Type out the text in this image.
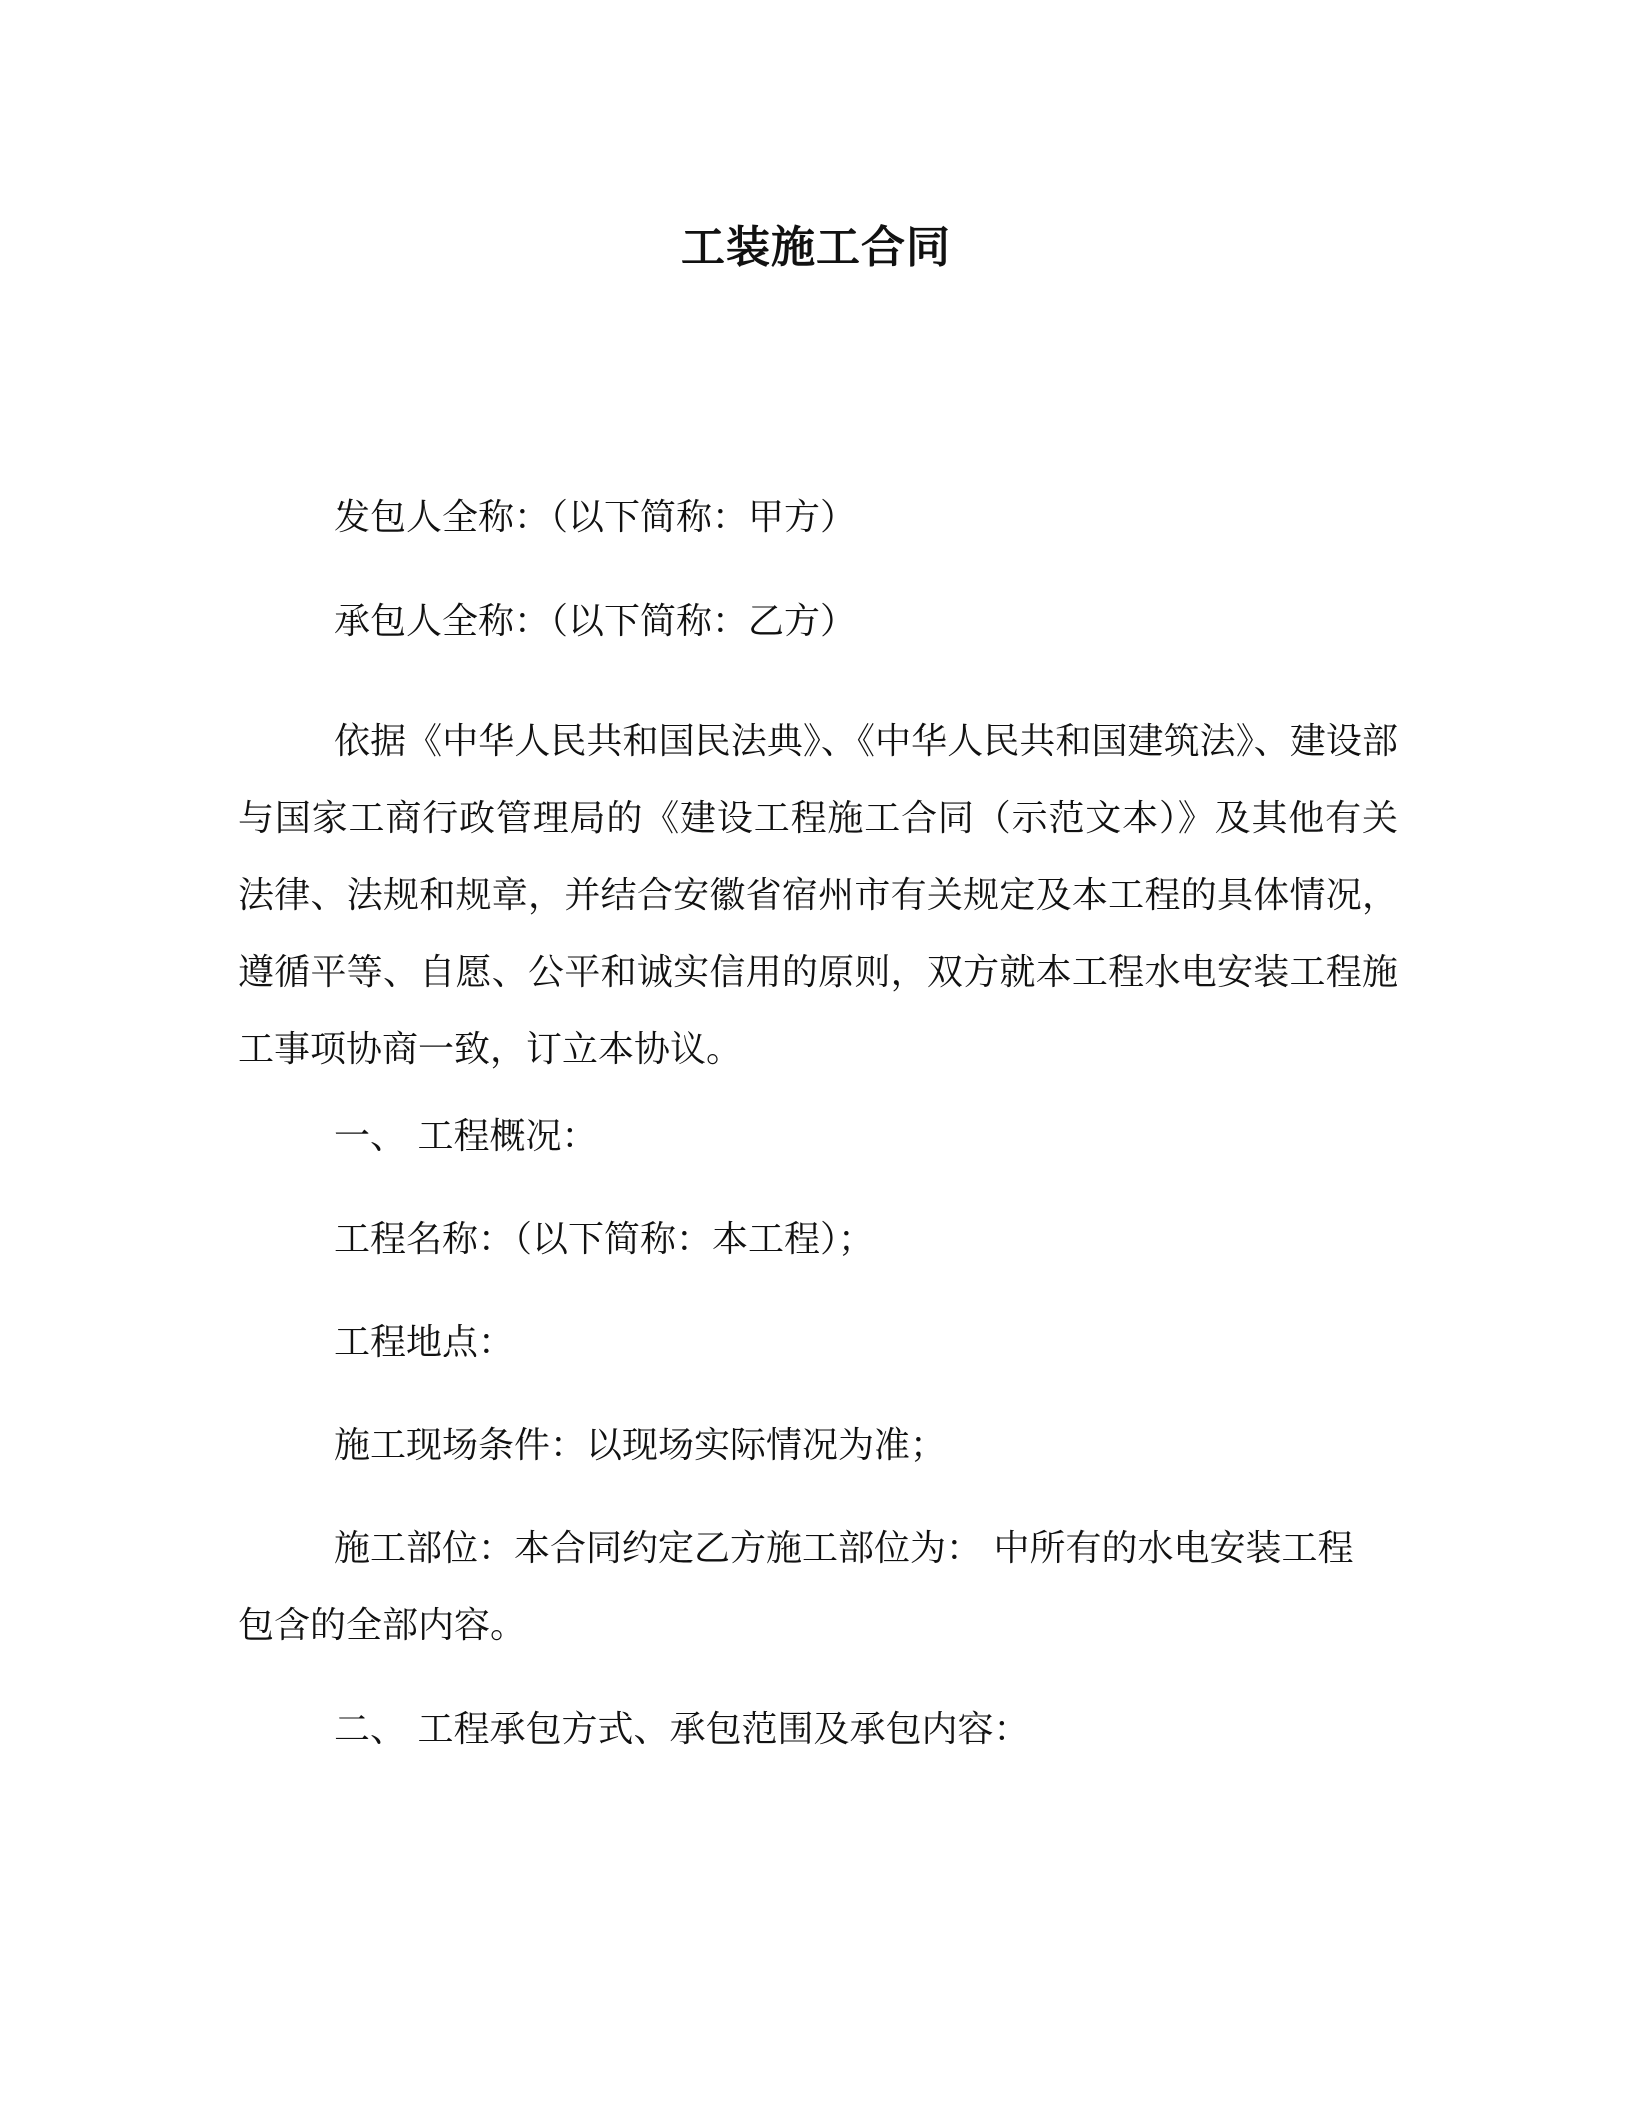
工装施工合同
发包人全称：（以下简称：甲方）
承包人全称：（以下简称：乙方）
依据《中华人民共和国民法典》、《中华人民共和国建筑法》、建设部与国家工商行政管理局的《建设工程施工合同（示范文本）》及其他有关法律、法规和规章，并结合安徽省宿州市有关规定及本工程的具体情况，遵循平等、自愿、公平和诚实信用的原则，双方就本工程水电安装工程施工事项协商一致，订立本协议。
一、 工程概况：
工程名称：（以下简称：本工程）；
工程地点：
施工现场条件：以现场实际情况为准；
施工部位：本合同约定乙方施工部位为： 中所有的水电安装工程
包含的全部内容。
二、 工程承包方式、承包范围及承包内容：
